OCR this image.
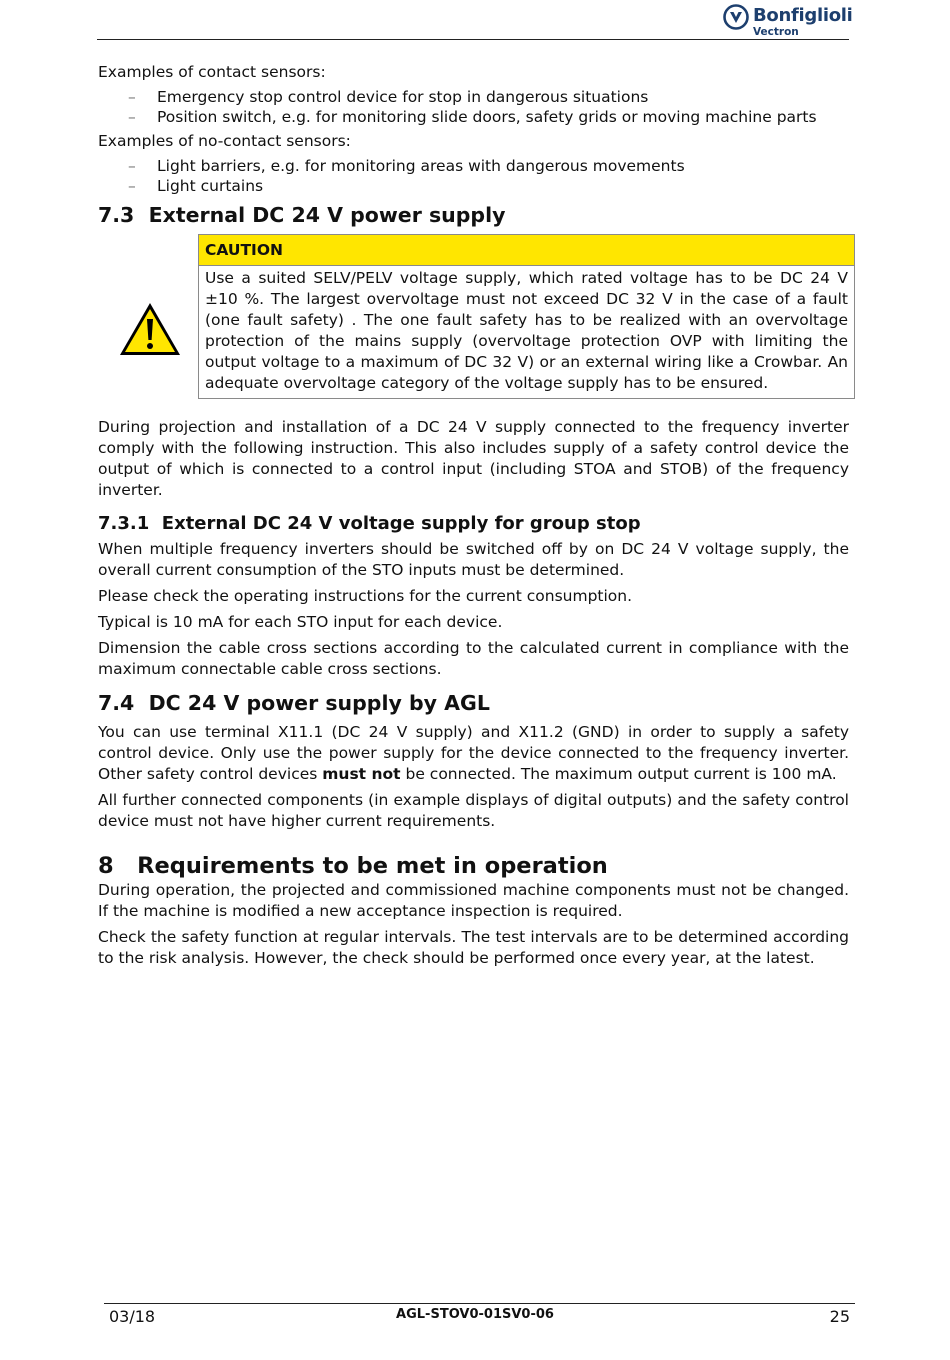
Bonfiglioli
Vectron

Examples of contact sensors:

– Emergency stop control device for stop in dangerous situations
– Position switch, e.g. for monitoring slide doors, safety grids or moving machine parts

Examples of no-contact sensors:

– Light barriers, e.g. for monitoring areas with dangerous movements
– Light curtains
7.3 External DC 24 V power supply
CAUTION
Use a suited SELV/PELV voltage supply, which rated voltage has to be DC 24 V ±10 %. The largest overvoltage must not exceed DC 32 V in the case of a fault (one fault safety) . The one fault safety has to be realized with an overvoltage protection of the mains supply (overvoltage protection OVP with limiting the output voltage to a maximum of DC 32 V) or an external wiring like a Crowbar. An adequate overvoltage category of the voltage supply has to be ensured.

During projection and installation of a DC 24 V supply connected to the frequency inverter comply with the following instruction. This also includes supply of a safety control device the output of which is connected to a control input (including STOA and STOB) of the frequency inverter.

7.3.1 External DC 24 V voltage supply for group stop

When multiple frequency inverters should be switched off by on DC 24 V voltage supply, the overall current consumption of the STO inputs must be determined.

Please check the operating instructions for the current consumption.

Typical is 10 mA for each STO input for each device.

Dimension the cable cross sections according to the calculated current in compliance with the maximum connectable cable cross sections.

7.4 DC 24 V power supply by AGL

You can use terminal X11.1 (DC 24 V supply) and X11.2 (GND) in order to supply a safety control device. Only use the power supply for the device connected to the frequency inverter. Other safety control devices must not be connected. The maximum output current is 100 mA.

All further connected components (in example displays of digital outputs) and the safety control device must not have higher current requirements.

8 Requirements to be met in operation

During operation, the projected and commissioned machine components must not be changed. If the machine is modified a new acceptance inspection is required.

Check the safety function at regular intervals. The test intervals are to be determined according to the risk analysis. However, the check should be performed once every year, at the latest.

03/18	AGL-STOV0-01SV0-06	25
